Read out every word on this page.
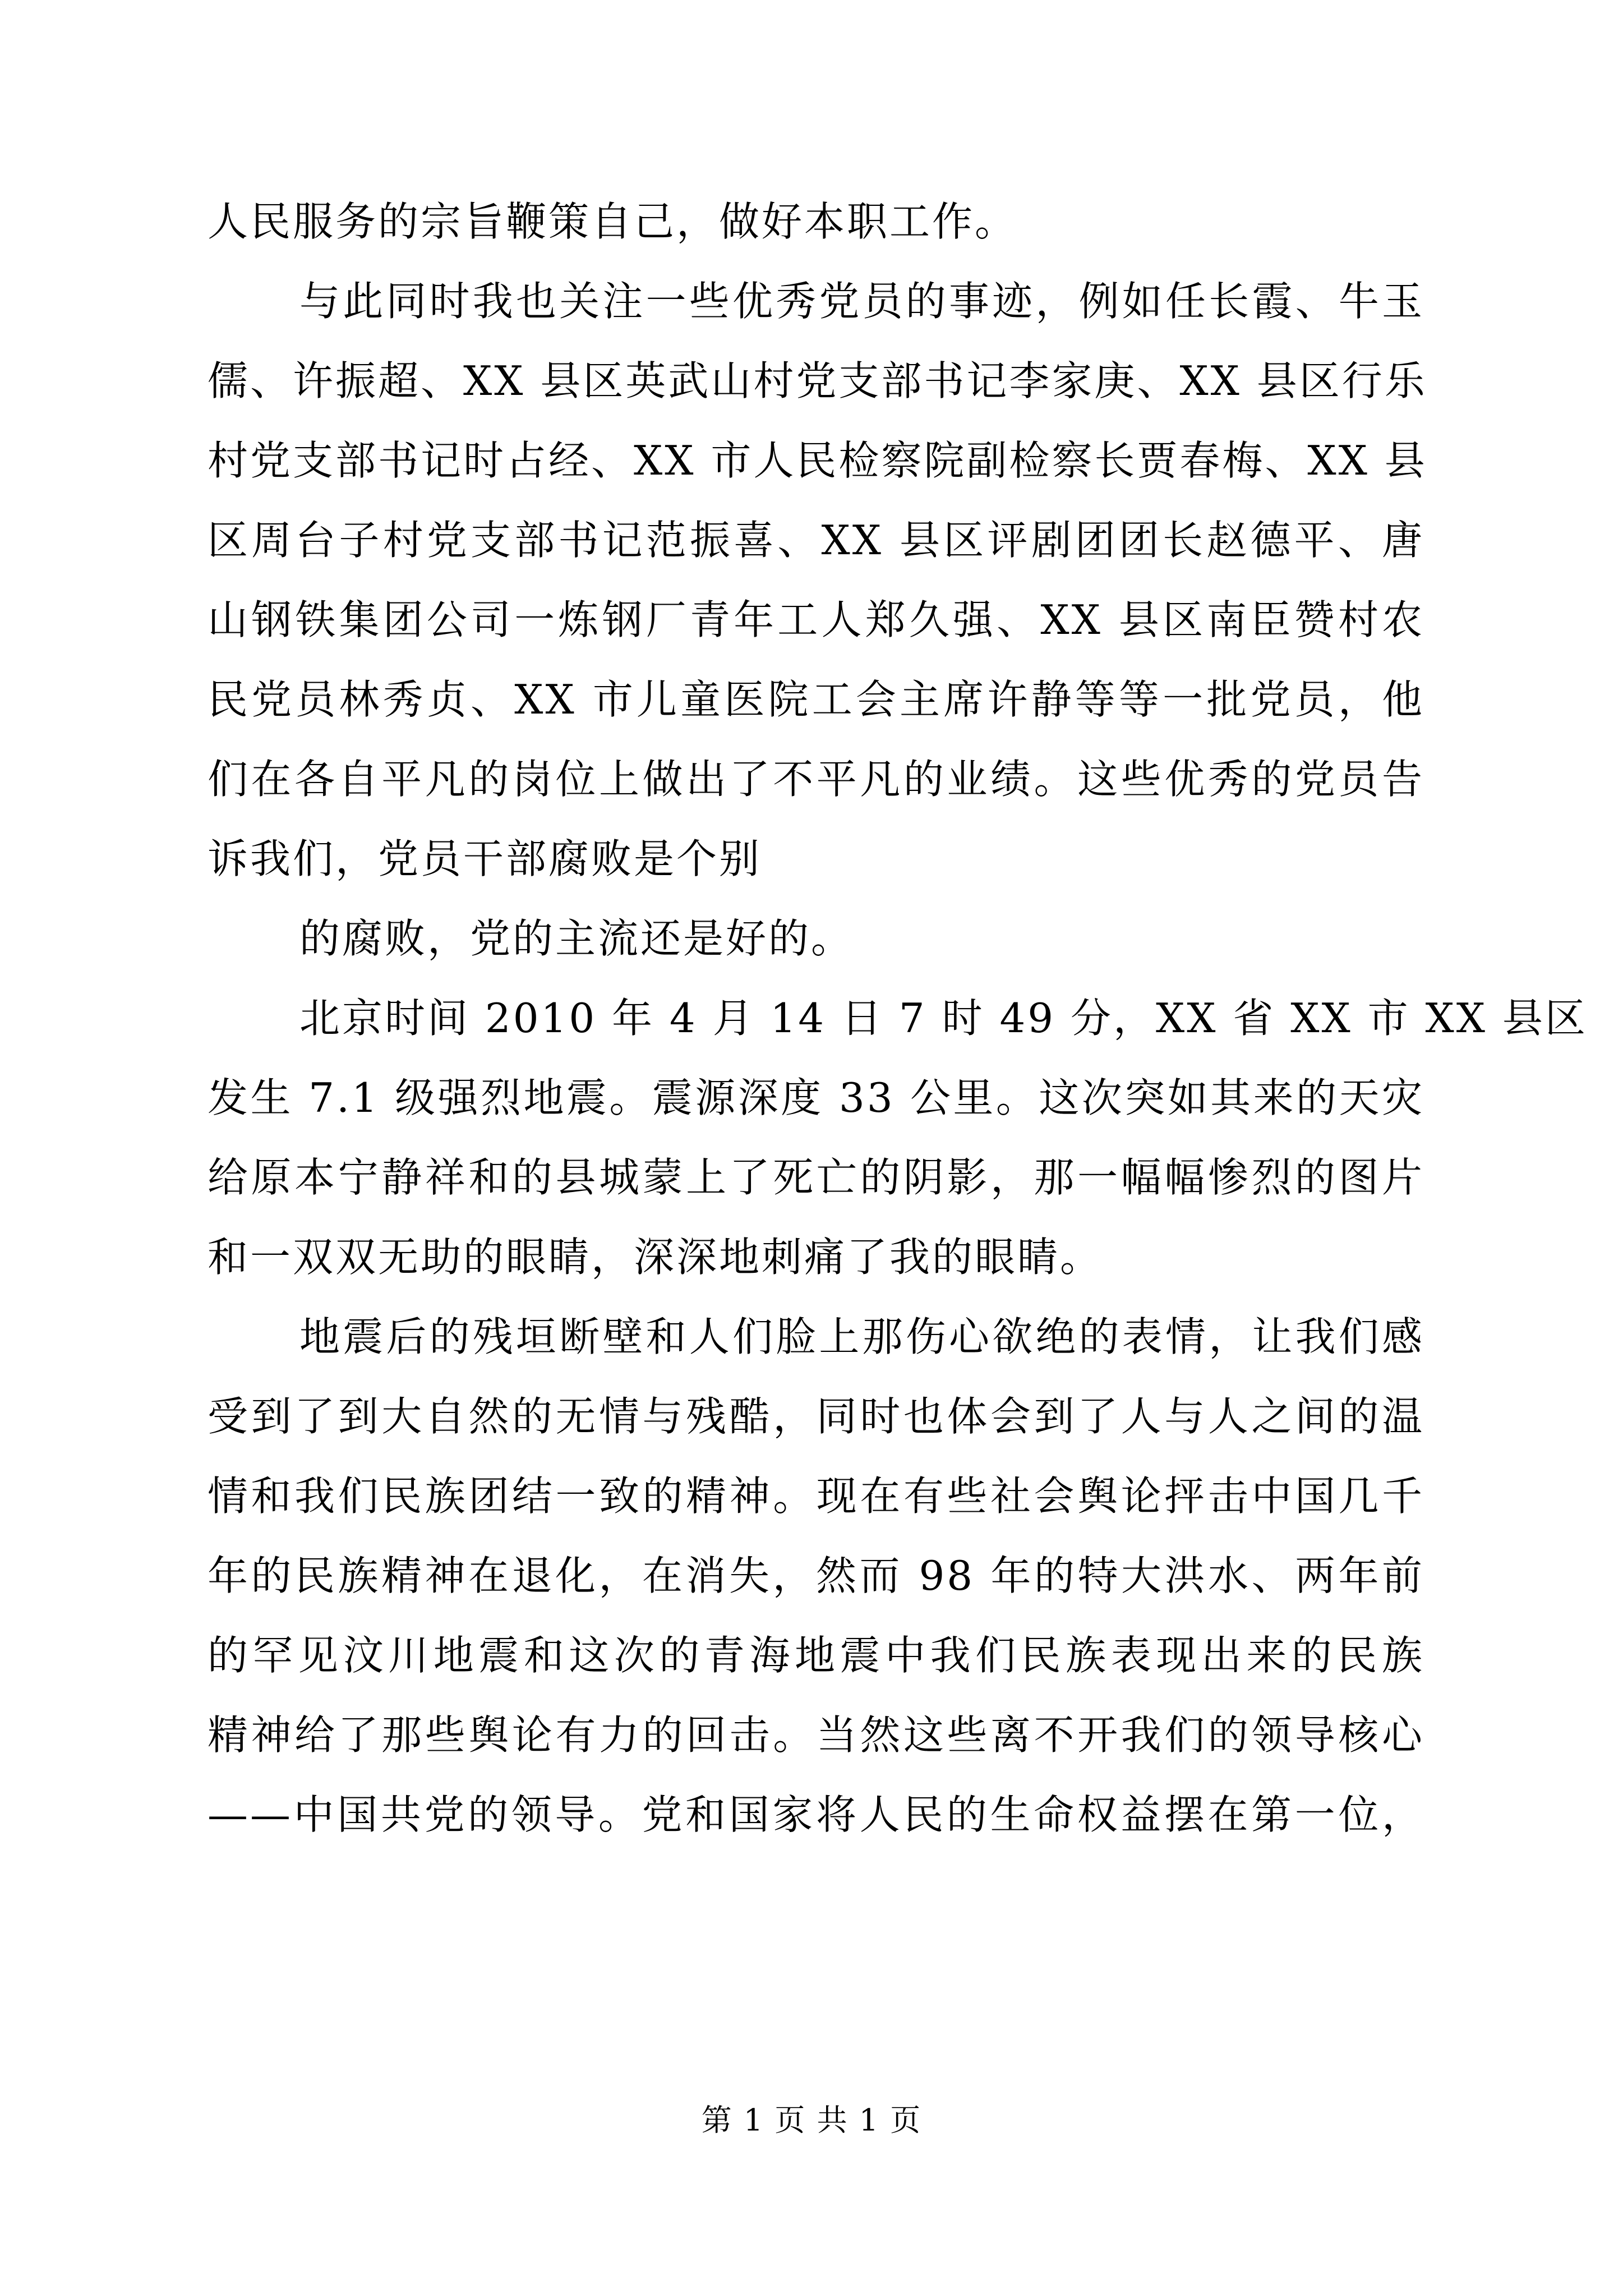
人民服务的宗旨鞭策自己，做好本职工作。
与此同时我也关注一些优秀党员的事迹，例如任长霞、牛玉
儒、许振超、XX 县区英武山村党支部书记李家庚、XX 县区行乐
村党支部书记时占经、XX 市人民检察院副检察长贾春梅、XX 县
区周台子村党支部书记范振喜、XX 县区评剧团团长赵德平、唐
山钢铁集团公司一炼钢厂青年工人郑久强、XX 县区南臣赞村农
民党员林秀贞、XX 市儿童医院工会主席许静等等一批党员，他
们在各自平凡的岗位上做出了不平凡的业绩。这些优秀的党员告
诉我们，党员干部腐败是个别
的腐败，党的主流还是好的。
北京时间 2010 年 4 月 14 日 7 时 49 分，XX 省 XX 市 XX 县区
发生 7.1 级强烈地震。震源深度 33 公里。这次突如其来的天灾
给原本宁静祥和的县城蒙上了死亡的阴影，那一幅幅惨烈的图片
和一双双无助的眼睛，深深地刺痛了我的眼睛。
地震后的残垣断壁和人们脸上那伤心欲绝的表情，让我们感
受到了到大自然的无情与残酷，同时也体会到了人与人之间的温
情和我们民族团结一致的精神。现在有些社会舆论抨击中国几千
年的民族精神在退化，在消失，然而 98 年的特大洪水、两年前
的罕见汶川地震和这次的青海地震中我们民族表现出来的民族
精神给了那些舆论有力的回击。当然这些离不开我们的领导核心
——中国共党的领导。党和国家将人民的生命权益摆在第一位，
第 1 页 共 1 页
